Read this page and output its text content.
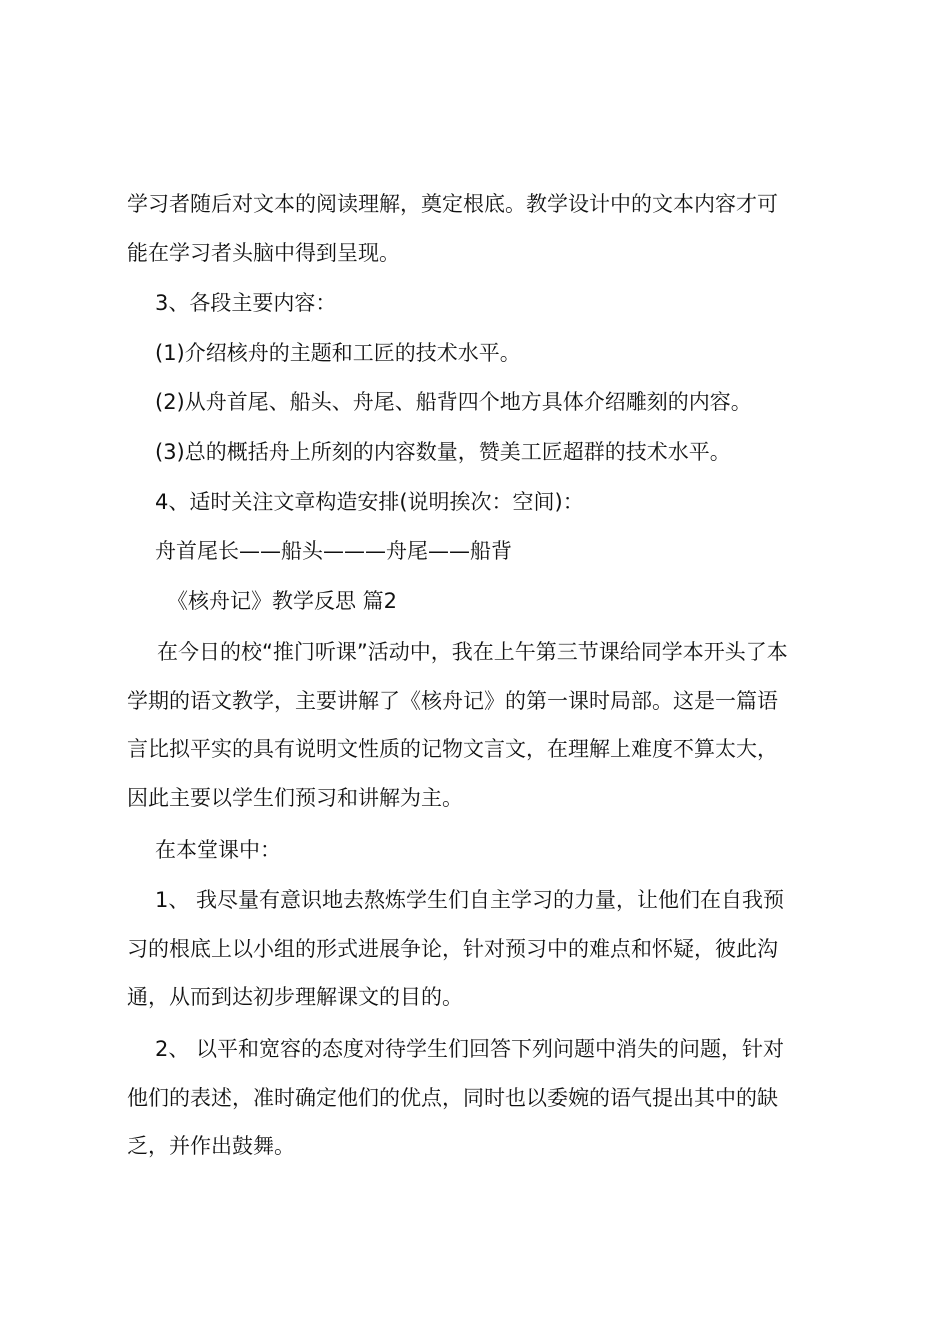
学习者随后对文本的阅读理解，奠定根底。教学设计中的文本内容才可
能在学习者头脑中得到呈现。
3、各段主要内容：
(1)介绍核舟的主题和工匠的技术水平。
(2)从舟首尾、船头、舟尾、船背四个地方具体介绍雕刻的内容。
(3)总的概括舟上所刻的内容数量，赞美工匠超群的技术水平。
4、适时关注文章构造安排(说明挨次：空间)：
舟首尾长——船头———舟尾——船背
《核舟记》教学反思 篇2
在今日的校“推门听课”活动中，我在上午第三节课给同学本开头了本
学期的语文教学，主要讲解了《核舟记》的第一课时局部。这是一篇语
言比拟平实的具有说明文性质的记物文言文，在理解上难度不算太大，
因此主要以学生们预习和讲解为主。
在本堂课中：
1、 我尽量有意识地去熬炼学生们自主学习的力量，让他们在自我预
习的根底上以小组的形式进展争论，针对预习中的难点和怀疑，彼此沟
通，从而到达初步理解课文的目的。
2、 以平和宽容的态度对待学生们回答下列问题中消失的问题，针对
他们的表述，准时确定他们的优点，同时也以委婉的语气提出其中的缺
乏，并作出鼓舞。
